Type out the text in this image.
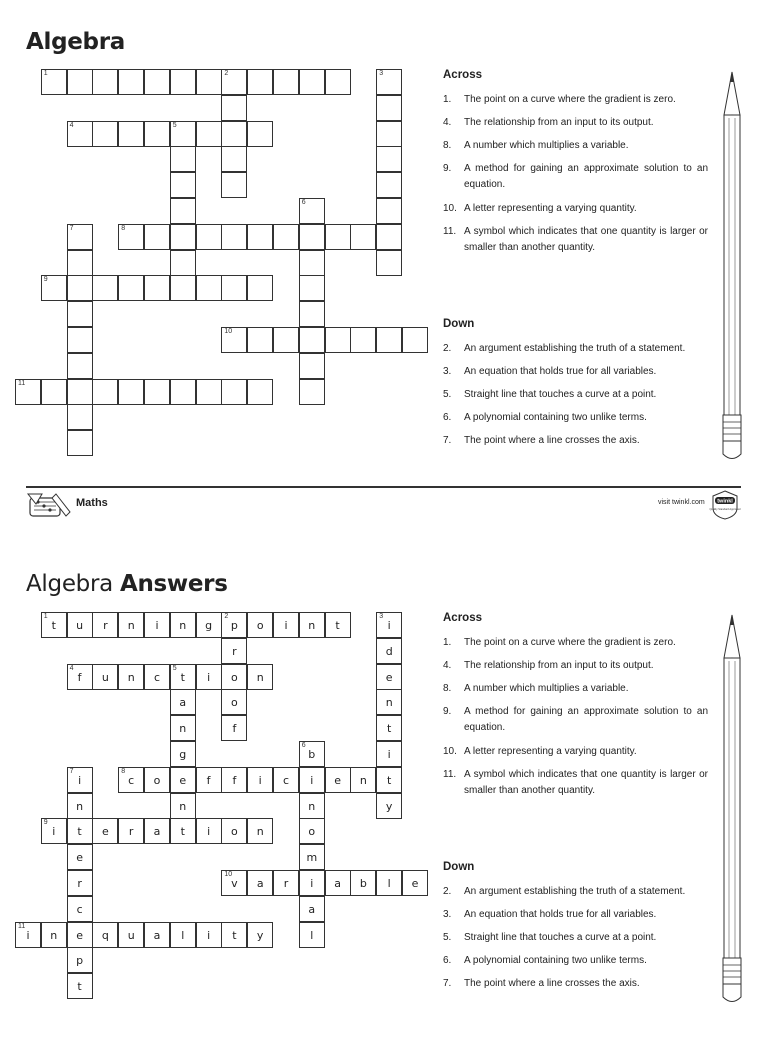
Algebra
Algebra Answers
1	2	3
4	5
6
7	8
9
10
11
1
t	u	r	n	i	n	g
2
p	o	i	n	t
r
o
o
f
3
i
d
e
n
t
i
t
y
4
f	u	n	c
5
t	i	n
a
n
g
e
n
t
6
b
i
n
o
m
i
a
l
7
i
n
t
e
r
c
e
p
t
8
c	o	f	f	i	c	e	n
9
i	e	r	a	i	o	n
10
v	a	r	a	b	l	e
11
i	n	q	u	a	l	i	t	y
Across
1. The point on a curve where the gradient is zero.
4. The relationship from an input to its output.
8. A number which multiplies a variable.
9. A method for gaining an approximate solution to an equation.
10. A letter representing a varying quantity.
11. A symbol which indicates that one quantity is larger or smaller than another quantity.
Down
2. An argument establishing the truth of a statement.
3. An equation that holds true for all variables.
5. Straight line that touches a curve at a point.
6. A polynomial containing two unlike terms.
7. The point where a line crosses the axis.
Across
1. The point on a curve where the gradient is zero.
4. The relationship from an input to its output.
8. A number which multiplies a variable.
9. A method for gaining an approximate solution to an equation.
10. A letter representing a varying quantity.
11. A symbol which indicates that one quantity is larger or smaller than another quantity.
Down
2. An argument establishing the truth of a statement.
3. An equation that holds true for all variables.
5. Straight line that touches a curve at a point.
6. A polynomial containing two unlike terms.
7. The point where a line crosses the axis.
Maths	visit twinkl.com twinkl
Quality Standard Approved
